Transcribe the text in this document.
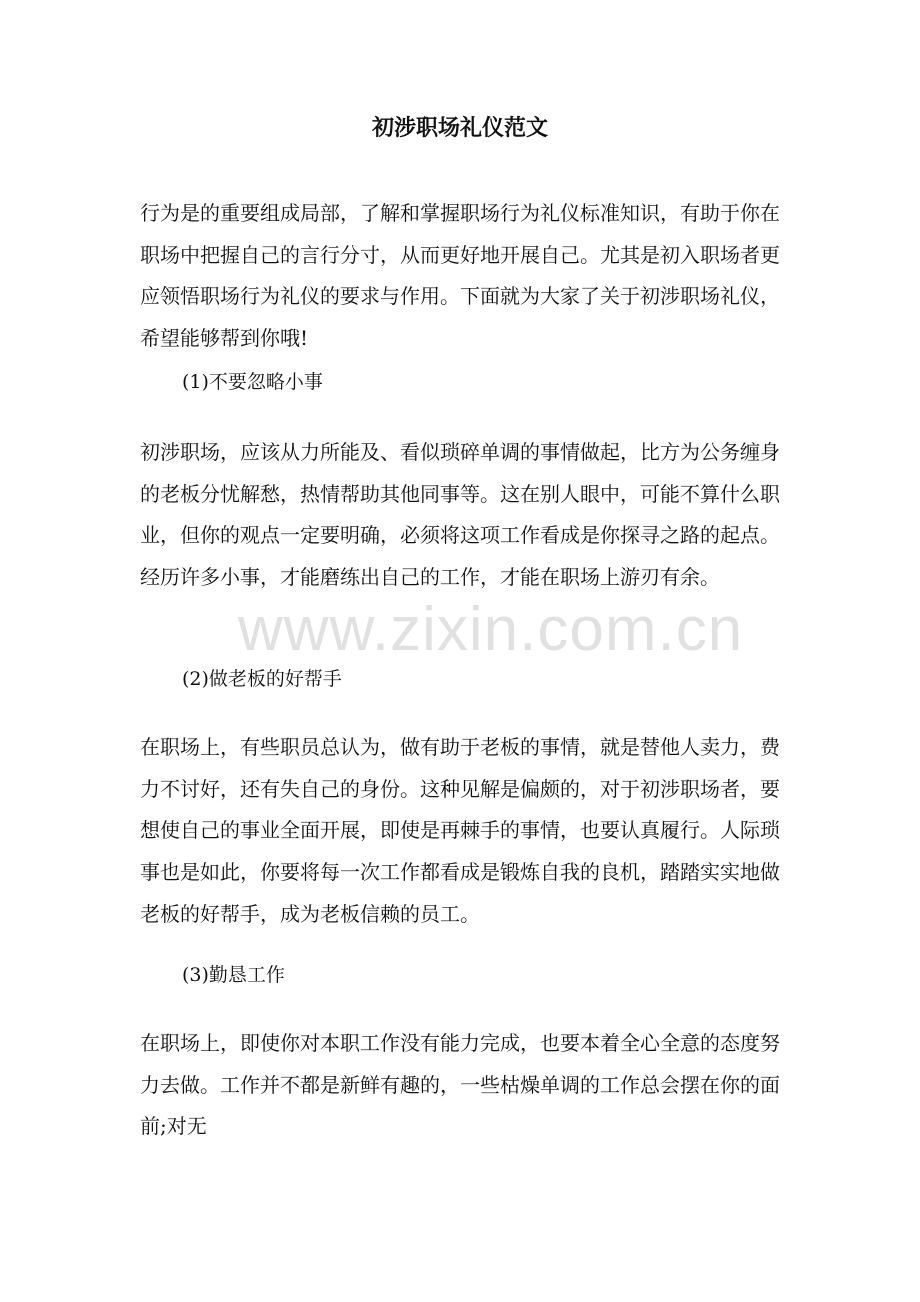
初涉职场礼仪范文

行为是的重要组成局部，了解和掌握职场行为礼仪标准知识，有助于你在职场中把握自己的言行分寸，从而更好地开展自己。尤其是初入职场者更应领悟职场行为礼仪的要求与作用。下面就为大家了关于初涉职场礼仪，希望能够帮到你哦!

(1)不要忽略小事

初涉职场，应该从力所能及、看似琐碎单调的事情做起，比方为公务缠身的老板分忧解愁，热情帮助其他同事等。这在别人眼中，可能不算什么职业，但你的观点一定要明确，必须将这项工作看成是你探寻之路的起点。经历许多小事，才能磨练出自己的工作，才能在职场上游刃有余。

(2)做老板的好帮手

在职场上，有些职员总认为，做有助于老板的事情，就是替他人卖力，费力不讨好，还有失自己的身份。这种见解是偏颇的，对于初涉职场者，要想使自己的事业全面开展，即使是再棘手的事情，也要认真履行。人际琐事也是如此，你要将每一次工作都看成是锻炼自我的良机，踏踏实实地做老板的好帮手，成为老板信赖的员工。

(3)勤恳工作

在职场上，即使你对本职工作没有能力完成，也要本着全心全意的态度努力去做。工作并不都是新鲜有趣的，一些枯燥单调的工作总会摆在你的面前;对无

www.zixin.com.cn
